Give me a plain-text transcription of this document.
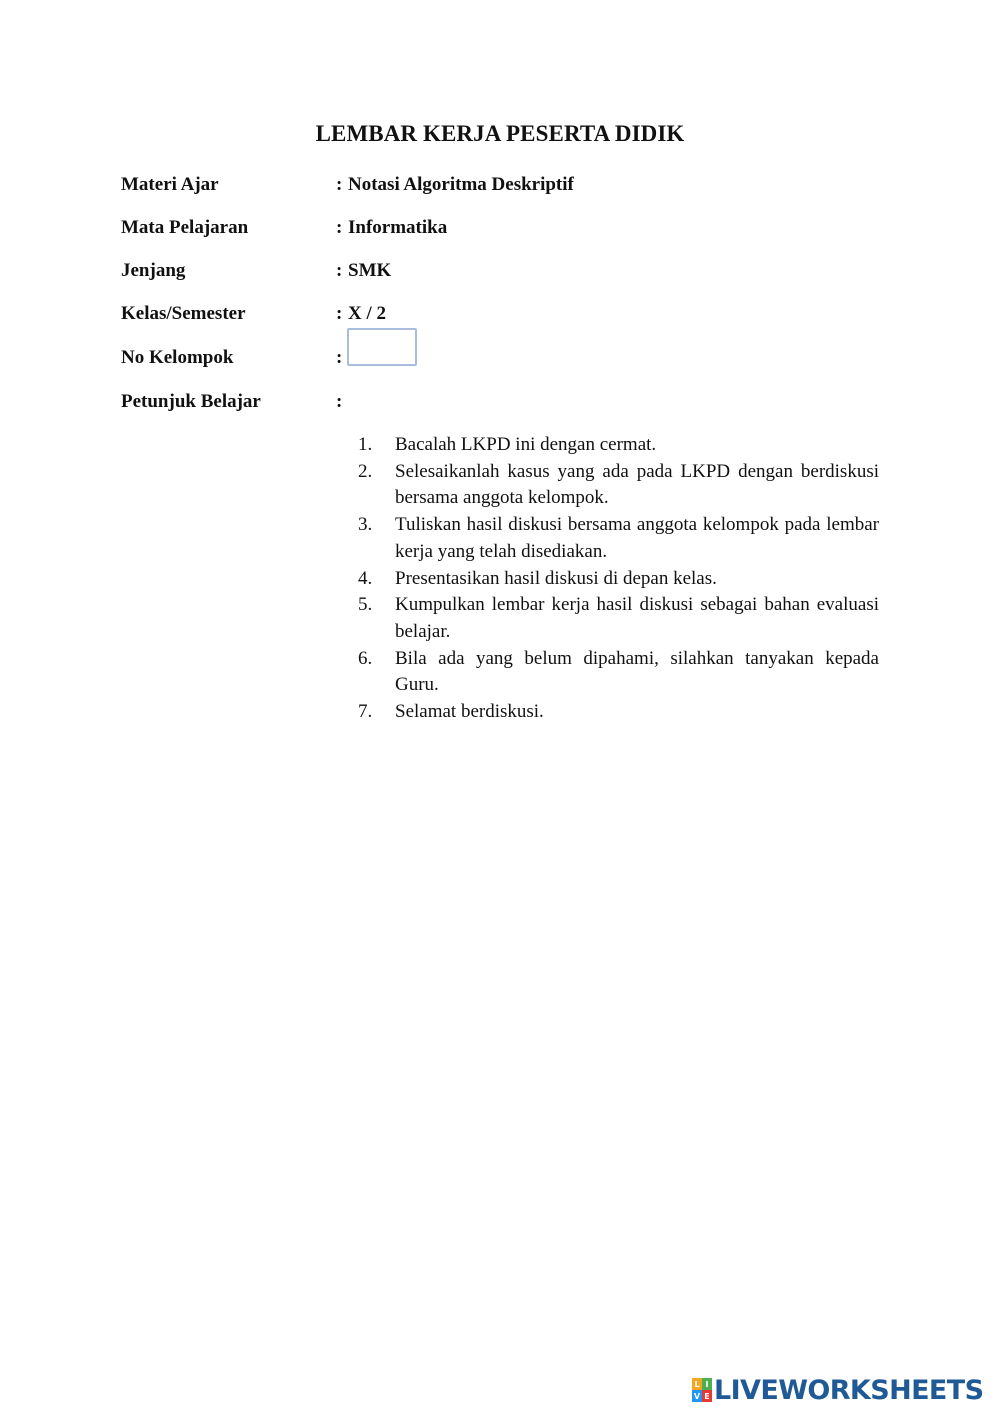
LEMBAR KERJA PESERTA DIDIK
Materi Ajar	: Notasi Algoritma Deskriptif
Mata Pelajaran	: Informatika
Jenjang	: SMK
Kelas/Semester	: X / 2
No Kelompok	:
Petunjuk Belajar	:
1. Bacalah LKPD ini dengan cermat.
2. Selesaikanlah kasus yang ada pada LKPD dengan berdiskusi bersama anggota kelompok.
3. Tuliskan hasil diskusi bersama anggota kelompok pada lembar kerja yang telah disediakan.
4. Presentasikan hasil diskusi di depan kelas.
5. Kumpulkan lembar kerja hasil diskusi sebagai bahan evaluasi belajar.
6. Bila ada yang belum dipahami, silahkan tanyakan kepada Guru.
7. Selamat berdiskusi.
L I
V E LIVEWORKSHEETS
